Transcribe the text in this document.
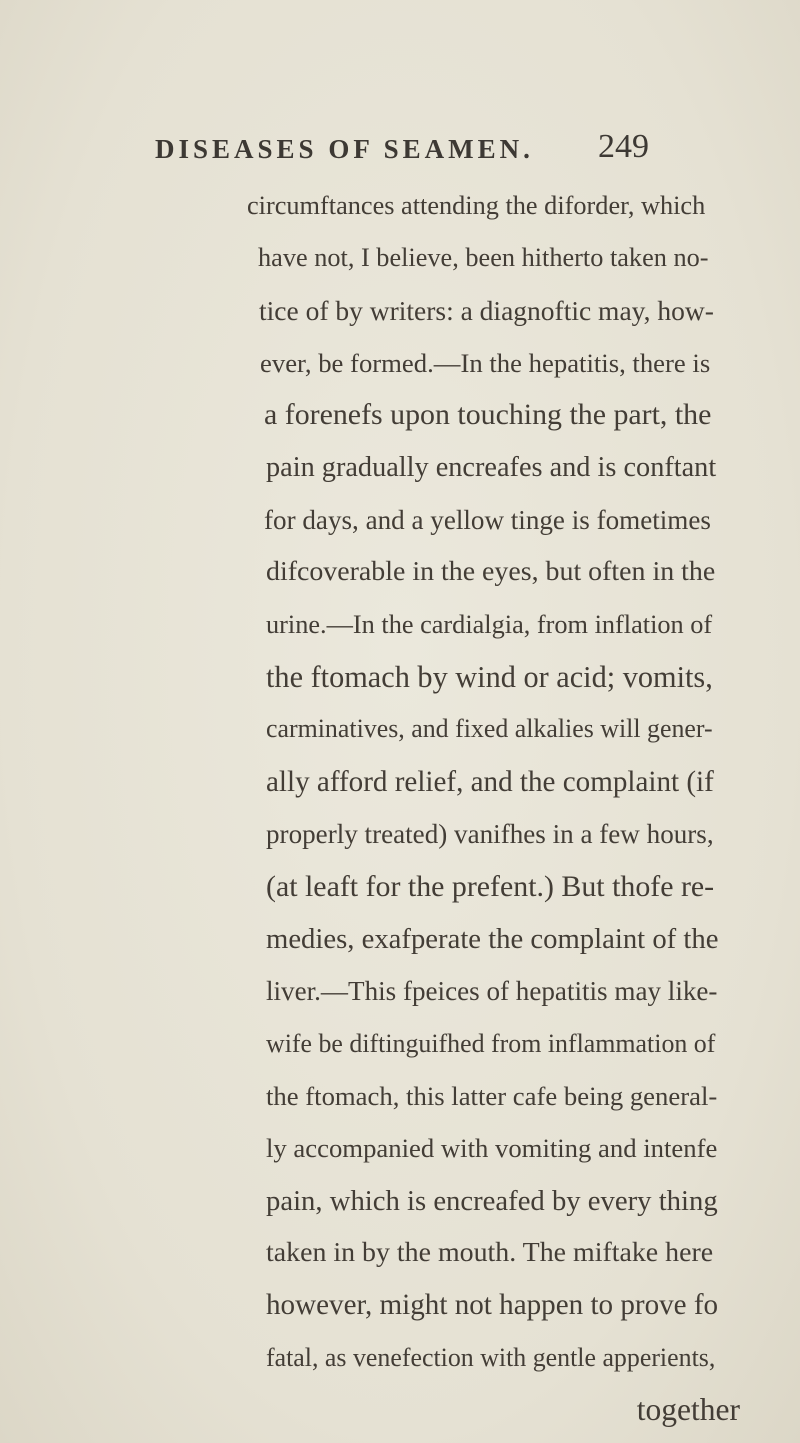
DISEASES OF SEAMEN. 249
circumftances attending the diforder, which
have not, I believe, been hitherto taken no-
tice of by writers: a diagnoftic may, how-
ever, be formed.—In the hepatitis, there is
a forenefs upon touching the part, the
pain gradually encreafes and is conftant
for days, and a yellow tinge is fometimes
difcoverable in the eyes, but often in the
urine.—In the cardialgia, from inflation of
the ftomach by wind or acid; vomits,
carminatives, and fixed alkalies will gener-
ally afford relief, and the complaint (if
properly treated) vanifhes in a few hours,
(at leaft for the prefent.) But thofe re-
medies, exafperate the complaint of the
liver.—This fpeices of hepatitis may like-
wife be diftinguifhed from inflammation of
the ftomach, this latter cafe being general-
ly accompanied with vomiting and intenfe
pain, which is encreafed by every thing
taken in by the mouth. The miftake here
however, might not happen to prove fo
fatal, as venefection with gentle apperients,
together
